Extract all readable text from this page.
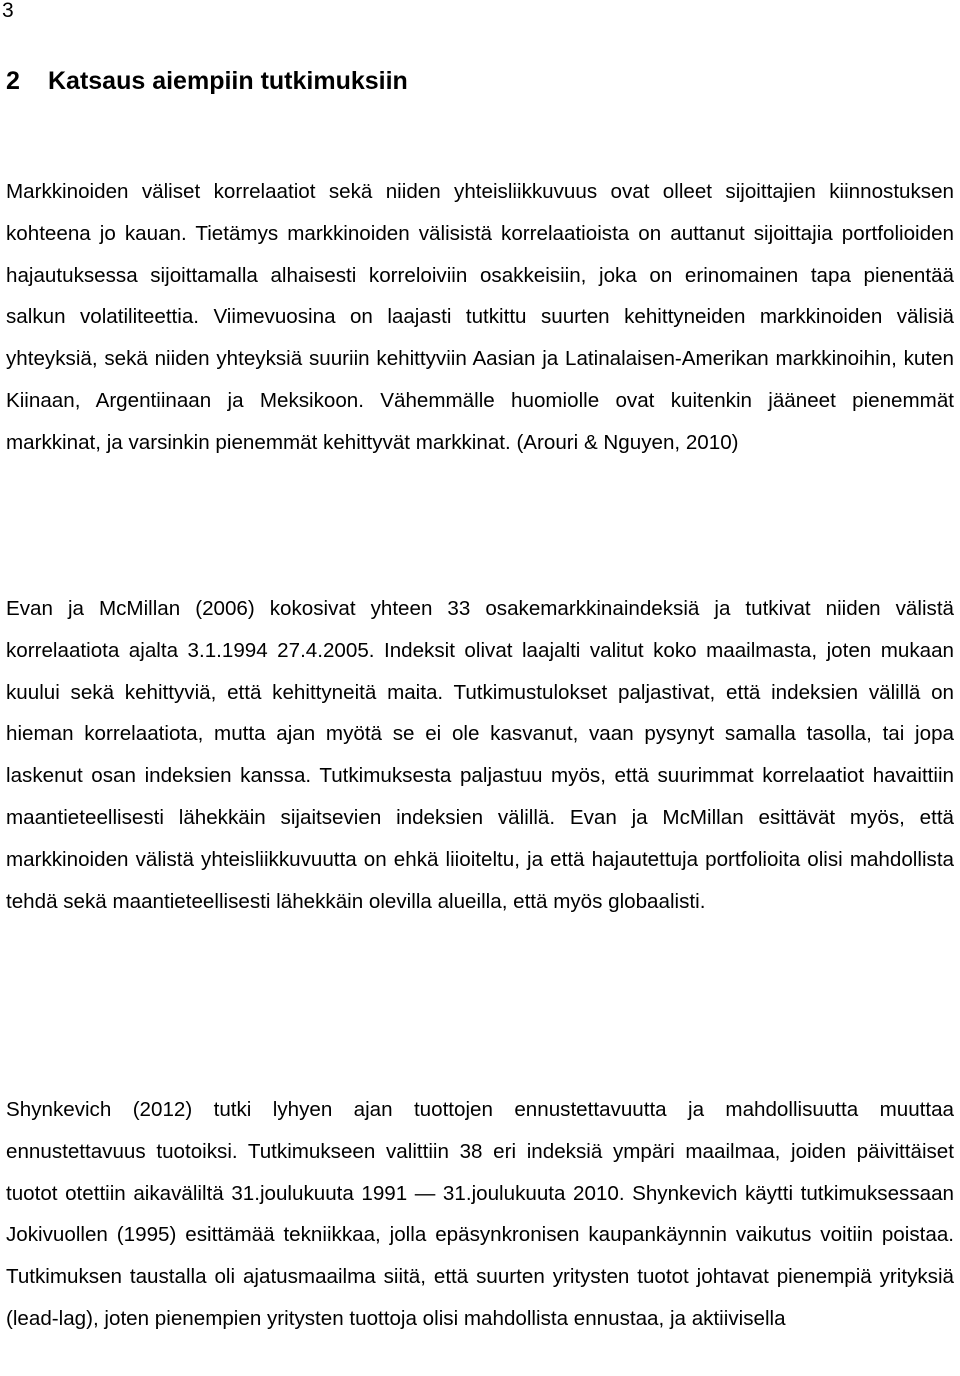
3
2 Katsaus aiempiin tutkimuksiin

Markkinoiden väliset korrelaatiot sekä niiden yhteisliikkuvuus ovat olleet sijoittajien kiinnostuksen kohteena jo kauan. Tietämys markkinoiden välisistä korrelaatioista on auttanut sijoittajia portfolioiden hajautuksessa sijoittamalla alhaisesti korreloiviin osakkeisiin, joka on erinomainen tapa pienentää salkun volatiliteettia. Viimevuosina on laajasti tutkittu suurten kehittyneiden markkinoiden välisiä yhteyksiä, sekä niiden yhteyksiä suuriin kehittyviin Aasian ja Latinalaisen-Amerikan markkinoihin, kuten Kiinaan, Argentiinaan ja Meksikoon. Vähemmälle huomiolle ovat kuitenkin jääneet pienemmät markkinat, ja varsinkin pienemmät kehittyvät markkinat. (Arouri & Nguyen, 2010)

Evan ja McMillan (2006) kokosivat yhteen 33 osakemarkkinaindeksiä ja tutkivat niiden välistä korrelaatiota ajalta 3.1.1994 27.4.2005. Indeksit olivat laajalti valitut koko maailmasta, joten mukaan kuului sekä kehittyviä, että kehittyneitä maita. Tutkimustulokset paljastivat, että indeksien välillä on hieman korrelaatiota, mutta ajan myötä se ei ole kasvanut, vaan pysynyt samalla tasolla, tai jopa laskenut osan indeksien kanssa. Tutkimuksesta paljastuu myös, että suurimmat korrelaatiot havaittiin maantieteellisesti lähekkäin sijaitsevien indeksien välillä. Evan ja McMillan esittävät myös, että markkinoiden välistä yhteisliikkuvuutta on ehkä liioiteltu, ja että hajautettuja portfolioita olisi mahdollista tehdä sekä maantieteellisesti lähekkäin olevilla alueilla, että myös globaalisti.

Shynkevich (2012) tutki lyhyen ajan tuottojen ennustettavuutta ja mahdollisuutta muuttaa ennustettavuus tuotoiksi. Tutkimukseen valittiin 38 eri indeksiä ympäri maailmaa, joiden päivittäiset tuotot otettiin aikaväliltä 31.joulukuuta 1991 — 31.joulukuuta 2010. Shynkevich käytti tutkimuksessaan Jokivuollen (1995) esittämää tekniikkaa, jolla epäsynkronisen kaupankäynnin vaikutus voitiin poistaa. Tutkimuksen taustalla oli ajatusmaailma siitä, että suurten yritysten tuotot johtavat pienempiä yrityksiä (lead-lag), joten pienempien yritysten tuottoja olisi mahdollista ennustaa, ja aktiivisella
